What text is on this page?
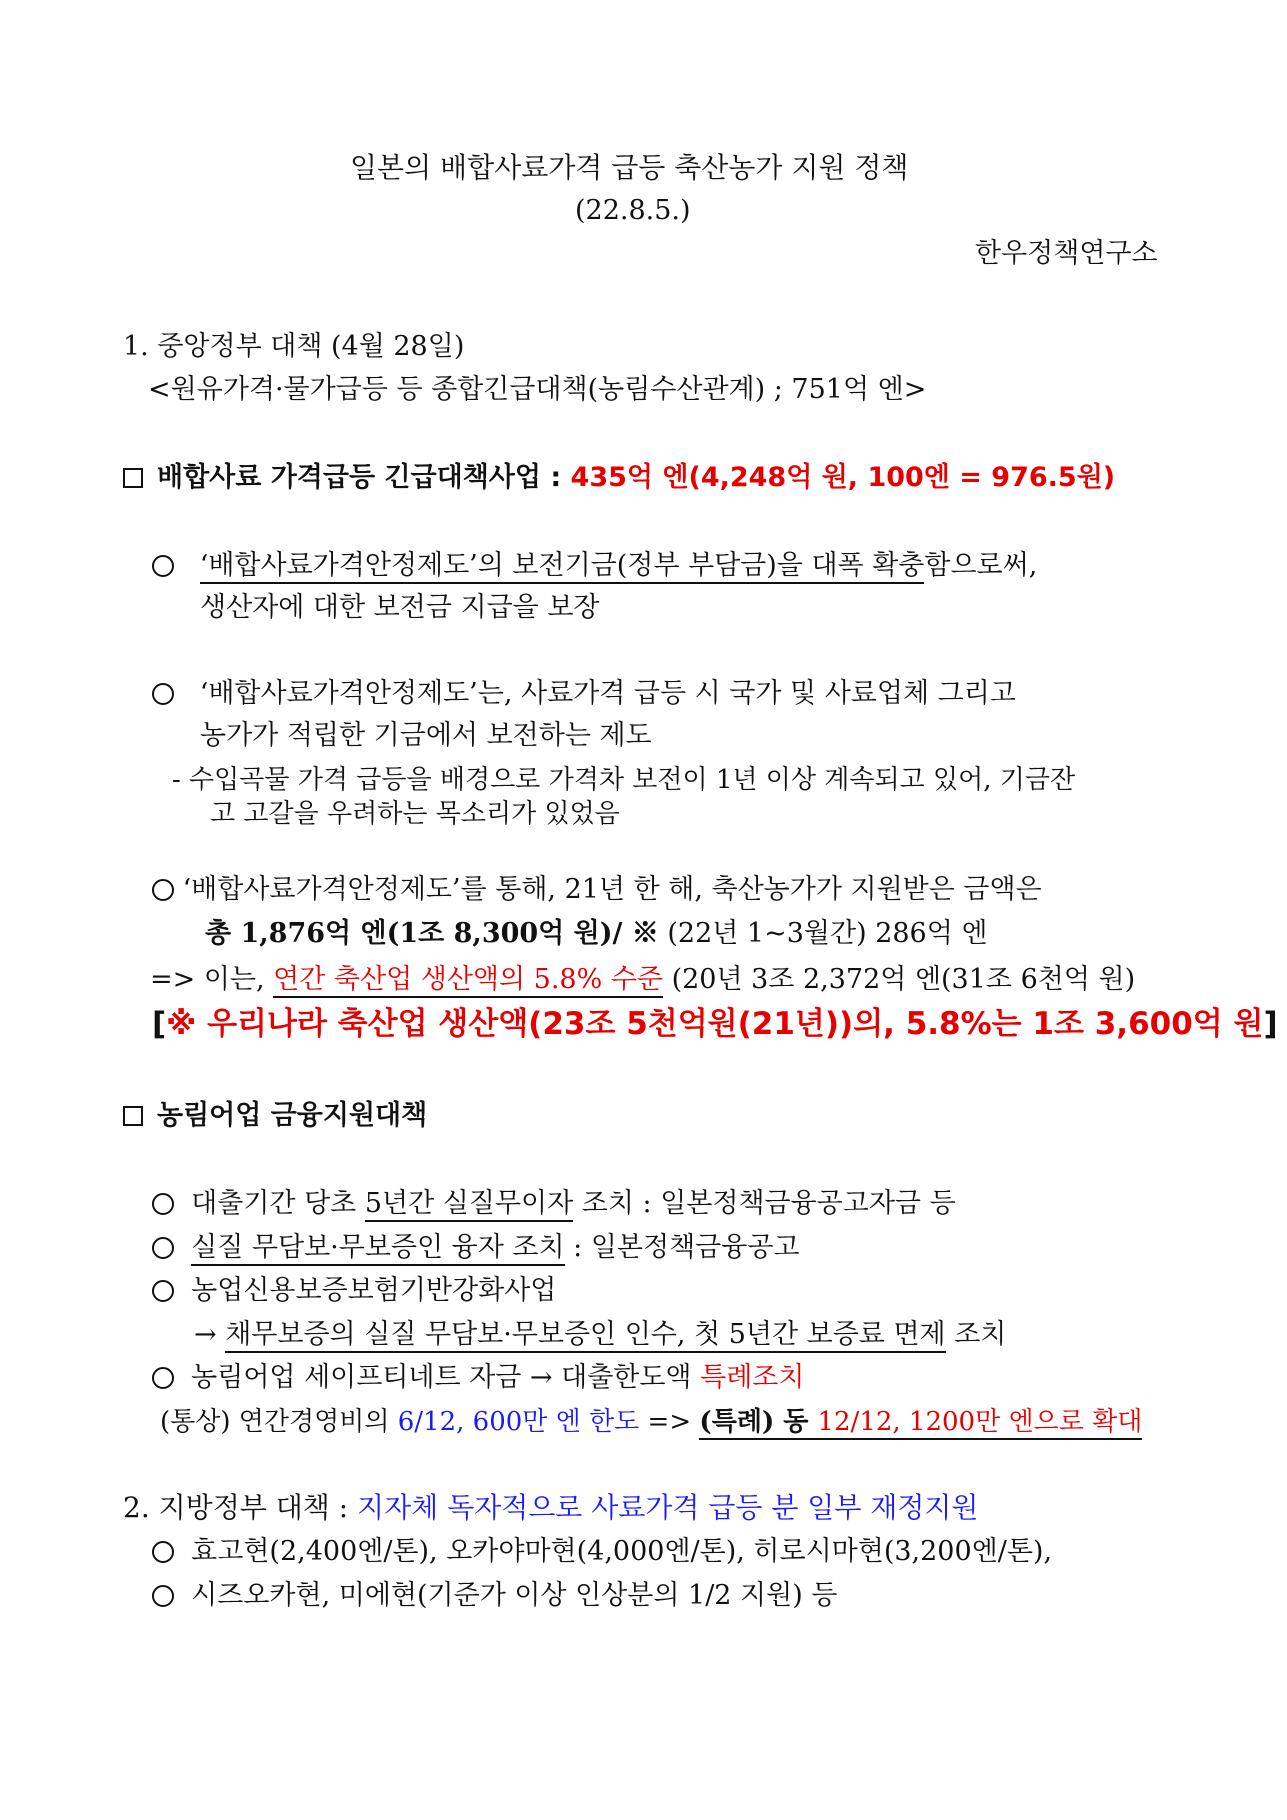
일본의 배합사료가격 급등 축산농가 지원 정책
(22.8.5.)
한우정책연구소
1. 중앙정부 대책 (4월 28일)
<원유가격·물가급등 등 종합긴급대책(농림수산관계) ; 751억 엔>
배합사료 가격급등 긴급대책사업 : 435억 엔(4,248억 원, 100엔 = 976.5원)
‘배합사료가격안정제도’의 보전기금(정부 부담금)을 대폭 확충함으로써,
생산자에 대한 보전금 지급을 보장
‘배합사료가격안정제도’는, 사료가격 급등 시 국가 및 사료업체 그리고
농가가 적립한 기금에서 보전하는 제도
- 수입곡물 가격 급등을 배경으로 가격차 보전이 1년 이상 계속되고 있어, 기금잔
고 고갈을 우려하는 목소리가 있었음
‘배합사료가격안정제도’를 통해, 21년 한 해, 축산농가가 지원받은 금액은
총 1,876억 엔(1조 8,300억 원)/ ※ (22년 1~3월간) 286억 엔
=> 이는, 연간 축산업 생산액의 5.8% 수준 (20년 3조 2,372억 엔(31조 6천억 원)
[※ 우리나라 축산업 생산액(23조 5천억원(21년))의, 5.8%는 1조 3,600억 원]
농림어업 금융지원대책
대출기간 당초 5년간 실질무이자 조치 : 일본정책금융공고자금 등
실질 무담보·무보증인 융자 조치 : 일본정책금융공고
농업신용보증보험기반강화사업
→ 채무보증의 실질 무담보·무보증인 인수, 첫 5년간 보증료 면제 조치
농림어업 세이프티네트 자금 → 대출한도액 특례조치
(통상) 연간경영비의 6/12, 600만 엔 한도 => (특례) 동 12/12, 1200만 엔으로 확대
2. 지방정부 대책 : 지자체 독자적으로 사료가격 급등 분 일부 재정지원
효고현(2,400엔/톤), 오카야마현(4,000엔/톤), 히로시마현(3,200엔/톤),
시즈오카현, 미에현(기준가 이상 인상분의 1/2 지원) 등
